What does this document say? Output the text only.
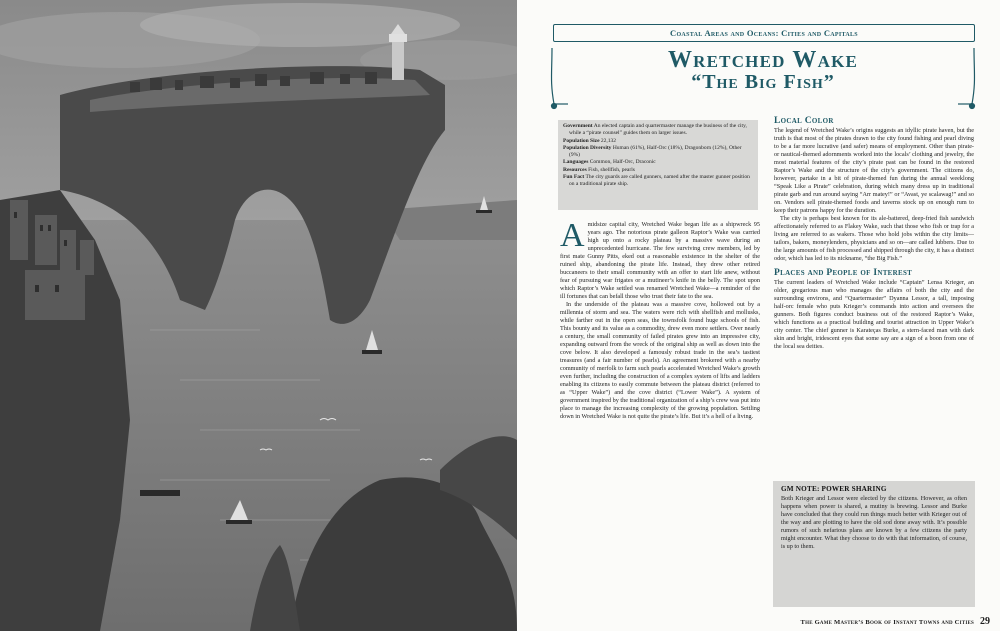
Coastal Areas and Oceans: Cities and Capitals
Wretched Wake
“The Big Fish”
Government An elected captain and quartermaster manage the business of the city, while a “pirate counsel” guides them on larger issues.
Population Size 22,132
Population Diversity Human (61%), Half-Orc (18%), Dragonborn (12%), Other (9%)
Languages Common, Half-Orc, Draconic
Resources Fish, shellfish, pearls
Fun Fact The city guards are called gunners, named after the master gunner position on a traditional pirate ship.

Amidsize capital city, Wretched Wake began life as a shipwreck 95 years ago. The notorious pirate galleon Raptor’s Wake was carried high up onto a rocky plateau by a massive wave during an unprecedented hurricane. The few surviving crew members, led by first mate Gunny Pitts, eked out a reasonable existence in the shelter of the ruined ship, abandoning the pirate life. Instead, they drew other retired buccaneers to their small community with an offer to start life anew, without fear of pursuing war frigates or a mutineer’s knife in the belly. The spot upon which Raptor’s Wake settled was renamed Wretched Wake—a reminder of the ill fortunes that can befall those who trust their fate to the sea.

In the underside of the plateau was a massive cove, hollowed out by a millennia of storm and sea. The waters were rich with shellfish and mollusks, while farther out in the open seas, the townsfolk found huge schools of fish. This bounty and its value as a commodity, drew even more settlers. Over nearly a century, the small community of failed pirates grew into an impressive city, expanding outward from the wreck of the original ship as well as down into the cove below. It also developed a famously robust trade in the sea’s tastiest treasures (and a fair number of pearls). An agreement brokered with a nearby community of merfolk to farm such pearls accelerated Wretched Wake’s growth even further, including the construction of a complex system of lifts and ladders enabling its citizens to easily commute between the plateau district (referred to as “Upper Wake”) and the cove district (“Lower Wake”). A system of government inspired by the traditional organization of a ship’s crew was put into place to manage the increasing complexity of the growing population. Settling down in Wretched Wake is not quite the pirate’s life. But it’s a hell of a living.

Local Color

The legend of Wretched Wake’s origins suggests an idyllic pirate haven, but the truth is that most of the pirates drawn to the city found fishing and pearl diving to be a far more lucrative (and safer) means of employment. Other than pirate- or nautical-themed adornments worked into the locals’ clothing and jewelry, the most material features of the city’s pirate past can be found in the restored Raptor’s Wake and the structure of the city’s government. The citizens do, however, partake in a bit of pirate-themed fun during the annual weeklong “Speak Like a Pirate” celebration, during which many dress up in traditional pirate garb and run around saying “Arr matey!” or “Avast, ye scalawag!” and so on. Vendors sell pirate-themed foods and taverns stock up on enough rum to keep their patrons happy for the duration.

The city is perhaps best known for its ale-battered, deep-fried fish sandwich affectionately referred to as Flakey Wake, such that those who fish or trap for a living are referred to as wakers. Those who hold jobs within the city limits—tailors, bakers, moneylenders, physicians and so on—are called lubbers. Due to the large amounts of fish processed and shipped through the city, it has a distinct odor, which has led to its nickname, “the Big Fish.”

Places and People of Interest

The current leaders of Wretched Wake include “Captain” Lensa Krieger, an older, gregarious man who manages the affairs of both the city and the surrounding environs, and “Quartermaster” Dyanna Lessor, a tall, imposing half-orc female who puts Krieger’s commands into action and oversees the gunners. Both figures conduct business out of the restored Raptor’s Wake, which functions as a practical building and tourist attraction in Upper Wake’s city center. The chief gunner is Karateças Burke, a stern-faced man with dark skin and bright, iridescent eyes that some say are a sign of a boon from one of the local sea deities.

GM NOTE: POWER SHARING

Both Krieger and Lessor were elected by the citizens. However, as often happens when power is shared, a mutiny is brewing. Lessor and Burke have concluded that they could run things much better with Krieger out of the way and are plotting to have the old sod done away with. It’s possible rumors of such nefarious plans are known by a few citizens the party might encounter. What they choose to do with that information, of course, is up to them.

The Game Master’s Book of Instant Towns and Cities 29
